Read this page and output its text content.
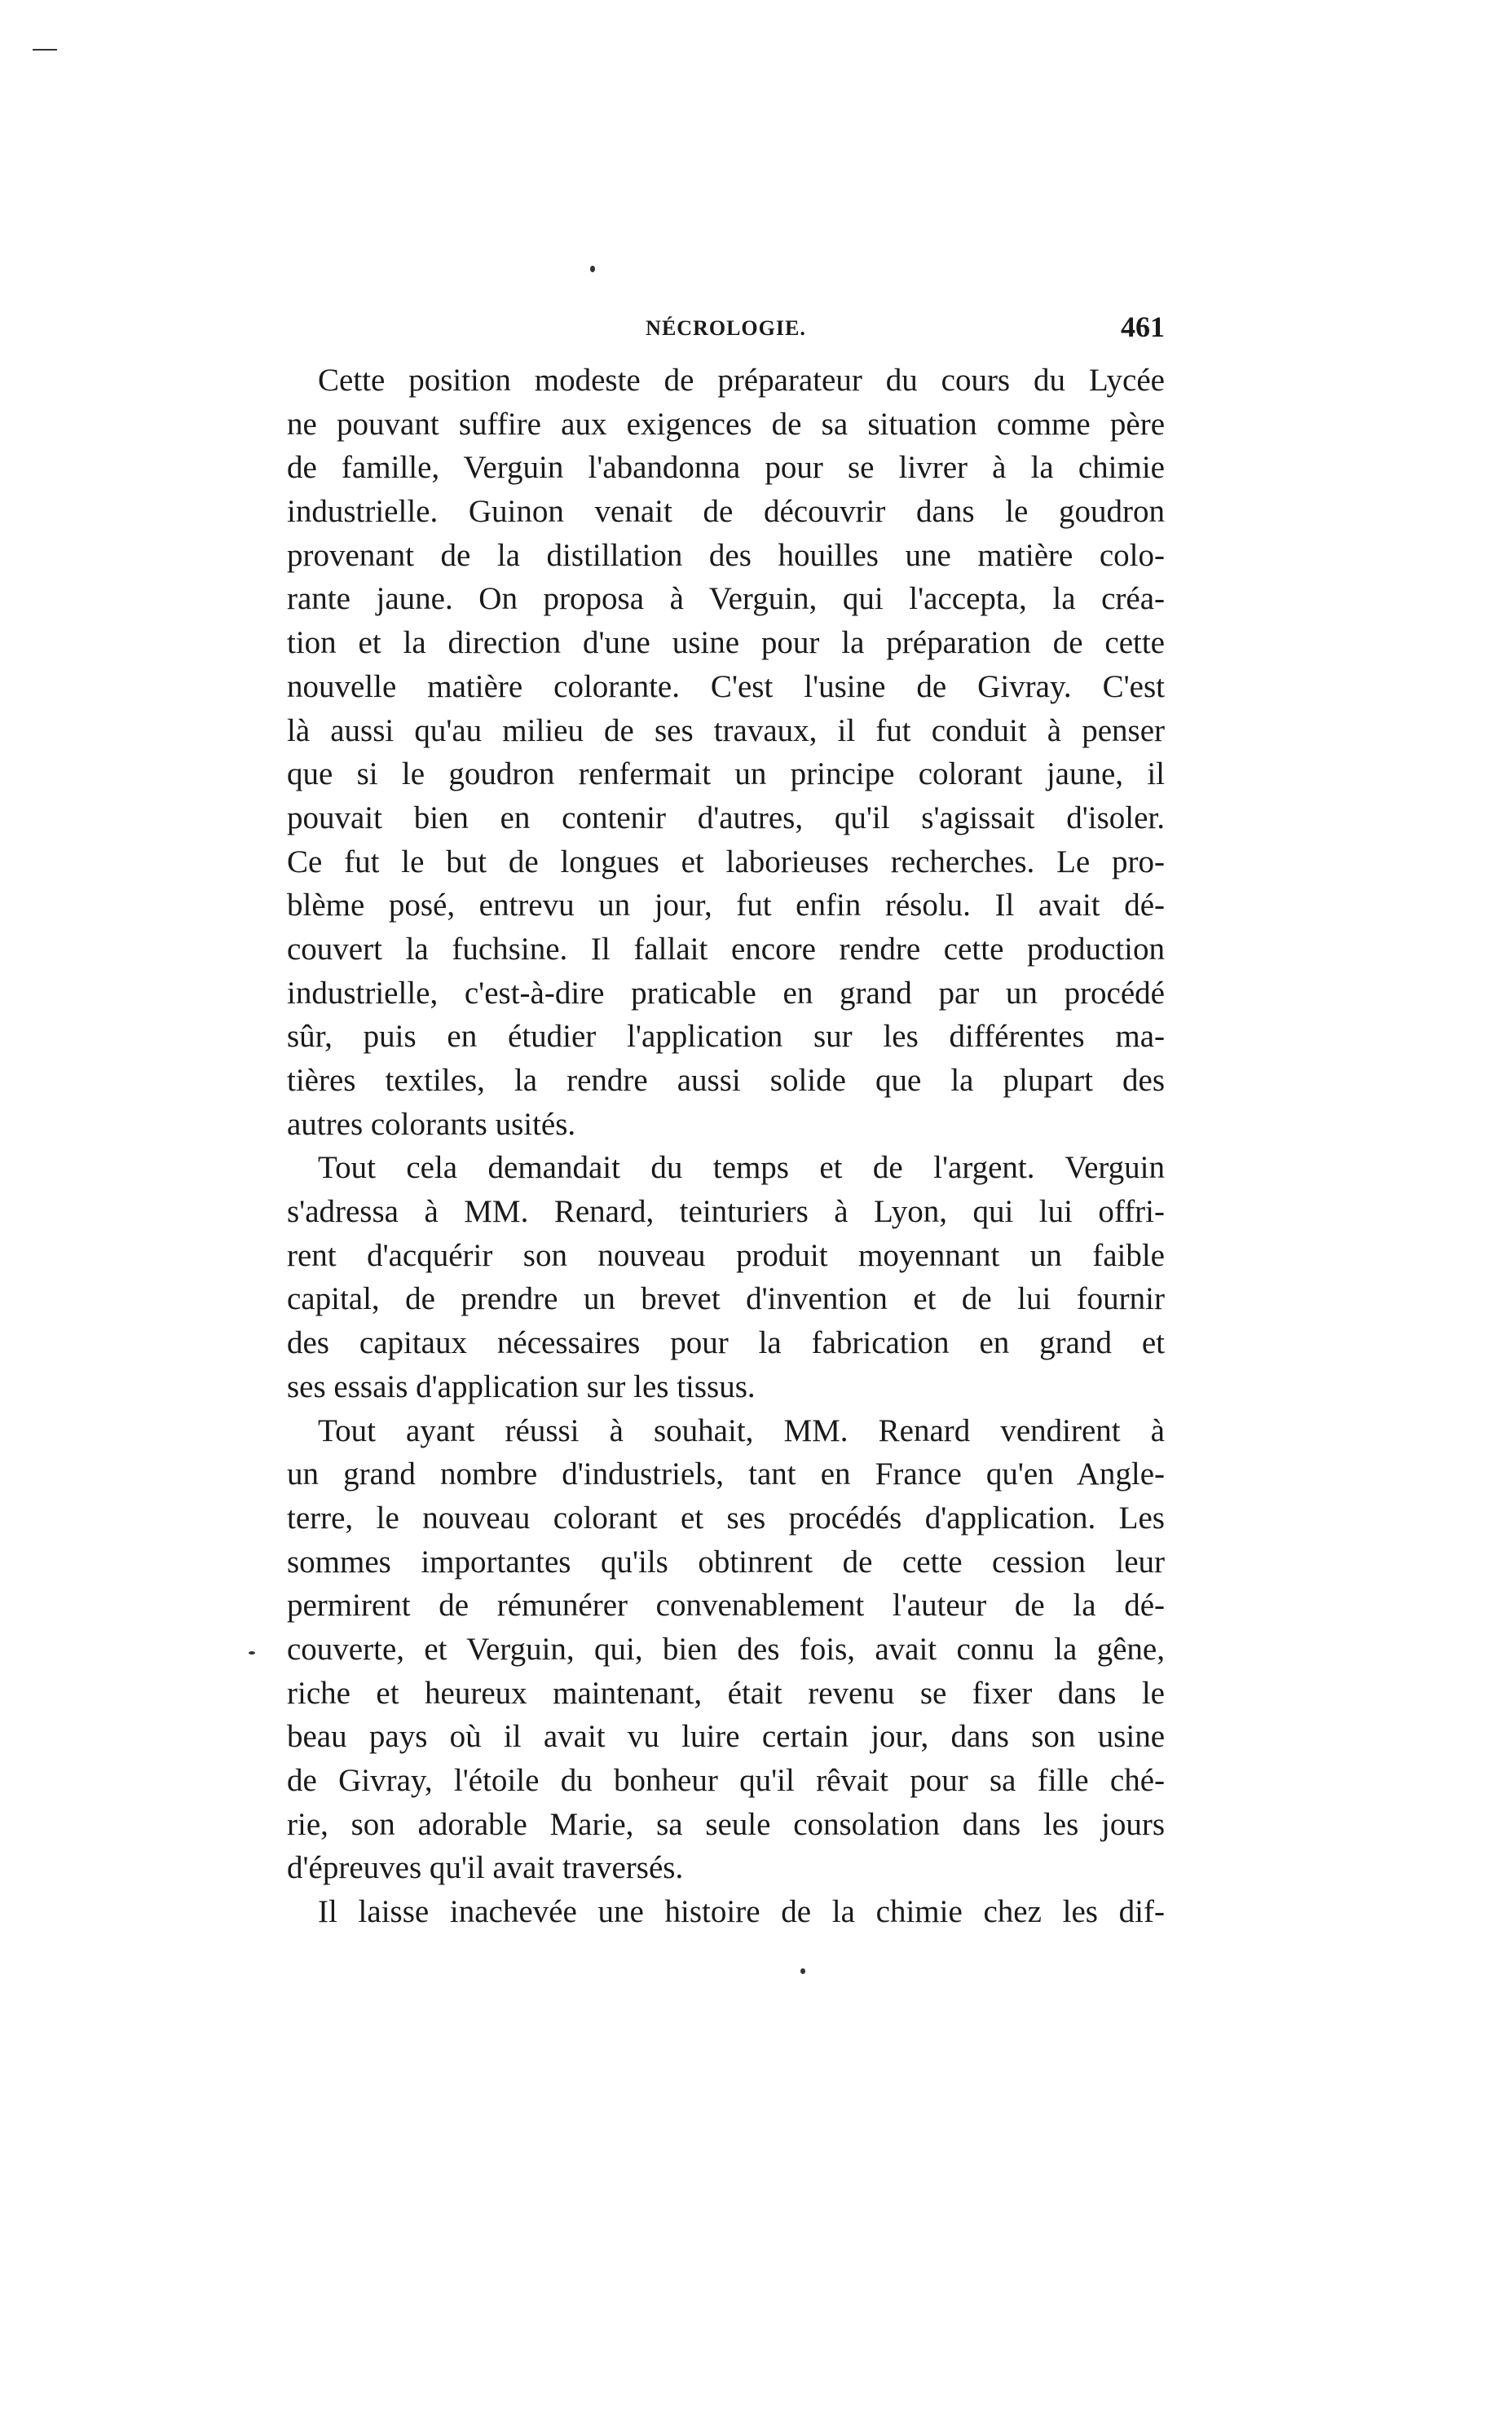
NÉCROLOGIE.	461
Cette position modeste de préparateur du cours du Lycée
ne pouvant suffire aux exigences de sa situation comme père
de famille, Verguin l'abandonna pour se livrer à la chimie
industrielle. Guinon venait de découvrir dans le goudron
provenant de la distillation des houilles une matière colo-
rante jaune. On proposa à Verguin, qui l'accepta, la créa-
tion et la direction d'une usine pour la préparation de cette
nouvelle matière colorante. C'est l'usine de Givray. C'est
là aussi qu'au milieu de ses travaux, il fut conduit à penser
que si le goudron renfermait un principe colorant jaune, il
pouvait bien en contenir d'autres, qu'il s'agissait d'isoler.
Ce fut le but de longues et laborieuses recherches. Le pro-
blème posé, entrevu un jour, fut enfin résolu. Il avait dé-
couvert la fuchsine. Il fallait encore rendre cette production
industrielle, c'est-à-dire praticable en grand par un procédé
sûr, puis en étudier l'application sur les différentes ma-
tières textiles, la rendre aussi solide que la plupart des
autres colorants usités.
Tout cela demandait du temps et de l'argent. Verguin
s'adressa à MM. Renard, teinturiers à Lyon, qui lui offri-
rent d'acquérir son nouveau produit moyennant un faible
capital, de prendre un brevet d'invention et de lui fournir
des capitaux nécessaires pour la fabrication en grand et
ses essais d'application sur les tissus.
Tout ayant réussi à souhait, MM. Renard vendirent à
un grand nombre d'industriels, tant en France qu'en Angle-
terre, le nouveau colorant et ses procédés d'application. Les
sommes importantes qu'ils obtinrent de cette cession leur
permirent de rémunérer convenablement l'auteur de la dé-
couverte, et Verguin, qui, bien des fois, avait connu la gêne,
riche et heureux maintenant, était revenu se fixer dans le
beau pays où il avait vu luire certain jour, dans son usine
de Givray, l'étoile du bonheur qu'il rêvait pour sa fille ché-
rie, son adorable Marie, sa seule consolation dans les jours
d'épreuves qu'il avait traversés.
Il laisse inachevée une histoire de la chimie chez les dif-
